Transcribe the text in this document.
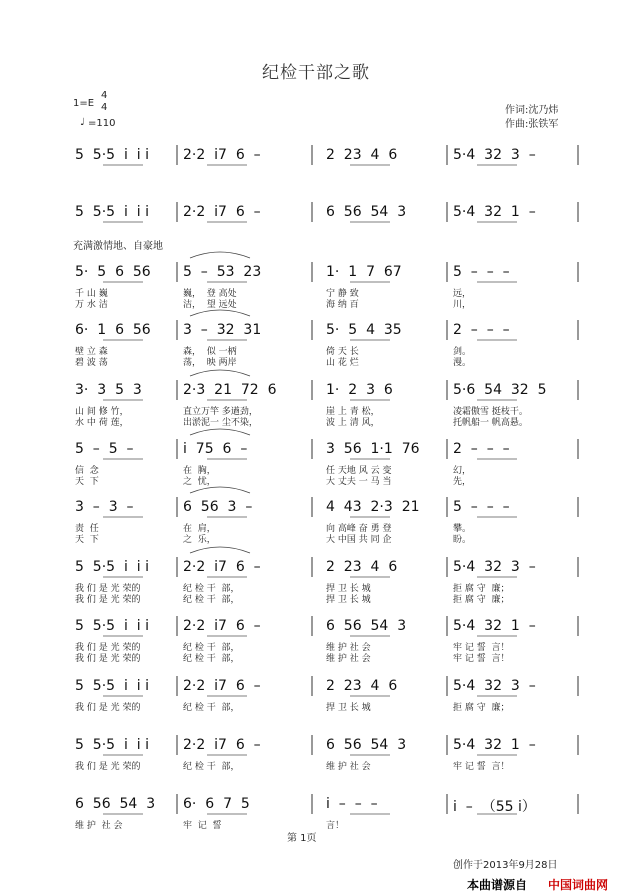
纪检干部之歌
1=E
4
4
♩ =110
作词:沈乃炜
作曲:张铁军
充满激情地、自豪地
5  5·5  i  i i 2·2  i7  6  –	2  23  4  6	5·4  32  3  –
5  5·5  i  i i 2·2  i7  6  –	6  56  54  3	5·4  32  1  –
5·  5  6  56 5  –  53  23	1·  1  7  67	5  –  –  –
千 山 巍	巍，  登 高处	宁 静 致	远，
万 水 洁	洁，  望 远处	海 纳 百	川，
6·  1  6  56 3  –  32  31	5·  5  4  35	2  –  –  –
壁 立 森	森，  似 一柄	倚 天 长	剑。
碧 波 荡	荡，  映 两岸	山 花 烂	漫。
3·  3  5  3	2·3  21  72  6	1·  2  3  6	5·6  54  32  5
山 间 修 竹，	直立万竿 多遒劲，	崖 上 青 松，	凌霜傲雪 挺枝干。
水 中 荷 莲，	出淤泥一 尘不染，	波 上 清 风，	托帆船一 帆高悬。
5  –  5  –	i  75  6  –	3  56  1·1  76 2  –  –  –
信  念	在  胸，	任 天地 风 云 变	幻，
天  下	之  忧，	大 丈夫 一 马 当	先，
3  –  3  –	6  56  3  –	4  43  2·3  21 5  –  –  –
责  任	在  肩，	向 高峰 奋 勇 登	攀。
天  下	之  乐，	大 中国 共 同 企	盼。
5  5·5  i  i i 2·2  i7  6  –	2  23  4  6	5·4  32  3  –
我 们 是 光 荣的	纪 检 干  部，	捍 卫 长 城	拒 腐 守  廉；
我 们 是 光 荣的	纪 检 干  部，	捍 卫 长 城	拒 腐 守  廉；
5  5·5  i  i i 2·2  i7  6  –	6  56  54  3	5·4  32  1  –
我 们 是 光 荣的	纪 检 干  部，	维 护 社 会	牢 记 誓  言！
我 们 是 光 荣的	纪 检 干  部，	维 护 社 会	牢 记 誓  言！
5  5·5  i  i i 2·2  i7  6  –	2  23  4  6	5·4  32  3  –
我 们 是 光 荣的	纪 检 干  部，	捍 卫 长 城	拒 腐 守  廉；
5  5·5  i  i i 2·2  i7  6  –	6  56  54  3	5·4  32  1  –
我 们 是 光 荣的	纪 检 干  部，	维 护 社 会	牢 记 誓  言！
6  56  54  3 6·  6  7  5	i  –  –  –	i  –  （55 i）
维 护  社 会	牢  记  誓	言！
第 1页
创作于2013年9月28日
本曲谱源自 中国词曲网
